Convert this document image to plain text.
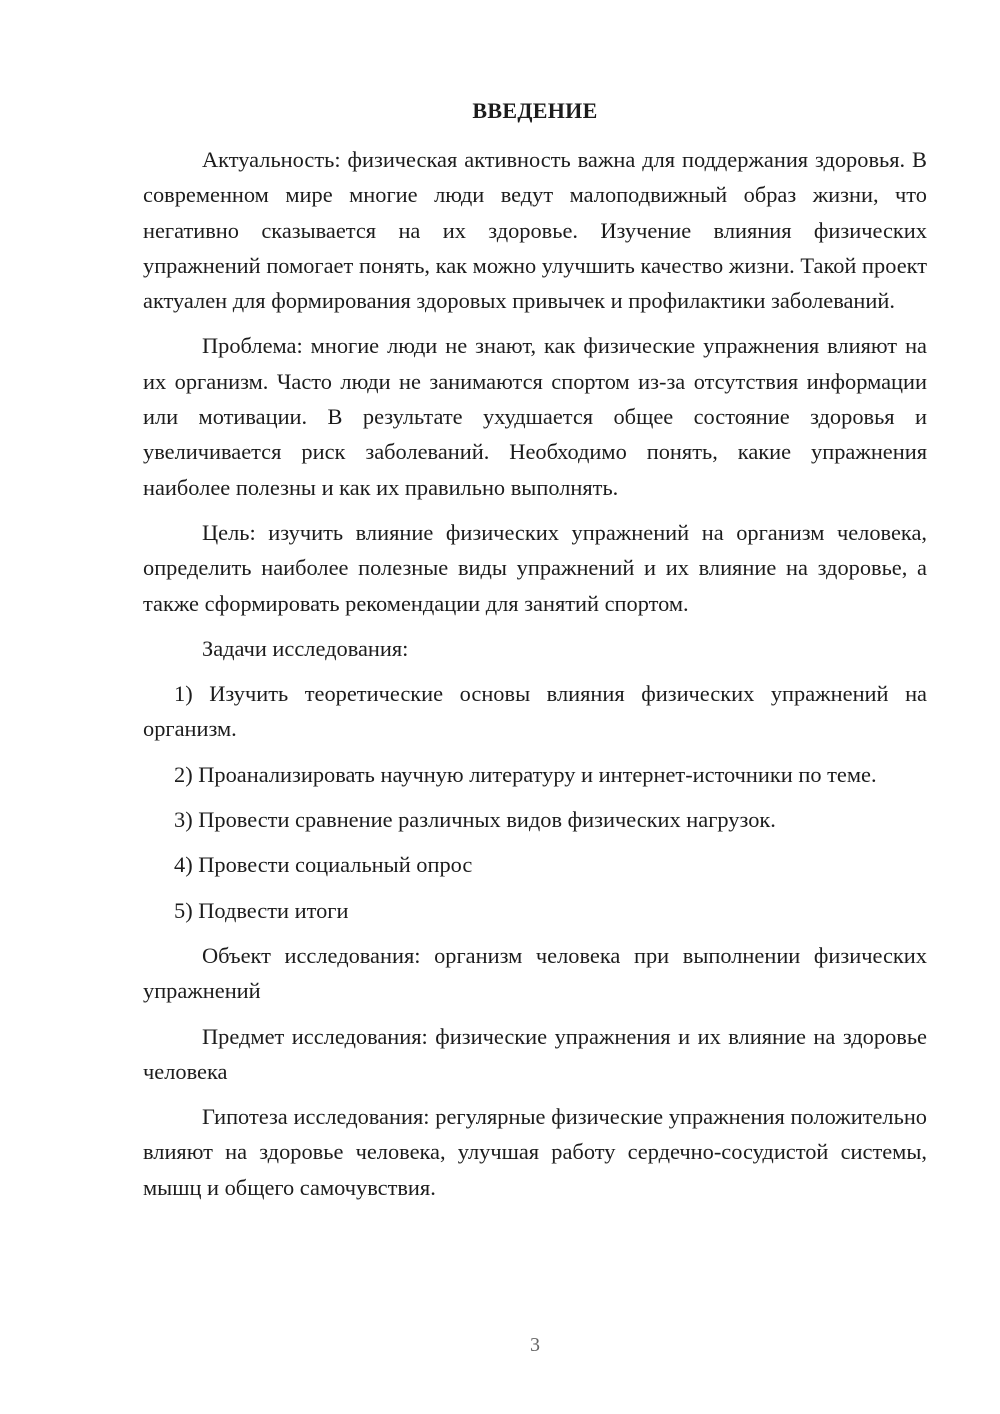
ВВЕДЕНИЕ

Актуальность: физическая активность важна для поддержания здоровья. В современном мире многие люди ведут малоподвижный образ жизни, что негативно сказывается на их здоровье. Изучение влияния физических упражнений помогает понять, как можно улучшить качество жизни. Такой проект актуален для формирования здоровых привычек и профилактики заболеваний.

Проблема: многие люди не знают, как физические упражнения влияют на их организм. Часто люди не занимаются спортом из-за отсутствия информации или мотивации. В результате ухудшается общее состояние здоровья и увеличивается риск заболеваний. Необходимо понять, какие упражнения наиболее полезны и как их правильно выполнять.

Цель: изучить влияние физических упражнений на организм человека, определить наиболее полезные виды упражнений и их влияние на здоровье, а также сформировать рекомендации для занятий спортом.

Задачи исследования:

1) Изучить теоретические основы влияния физических упражнений на организм.

2) Проанализировать научную литературу и интернет-источники по теме.

3) Провести сравнение различных видов физических нагрузок.

4) Провести социальный опрос

5) Подвести итоги

Объект исследования: организм человека при выполнении физических упражнений

Предмет исследования: физические упражнения и их влияние на здоровье человека

Гипотеза исследования: регулярные физические упражнения положительно влияют на здоровье человека, улучшая работу сердечно-сосудистой системы, мышц и общего самочувствия.

3
